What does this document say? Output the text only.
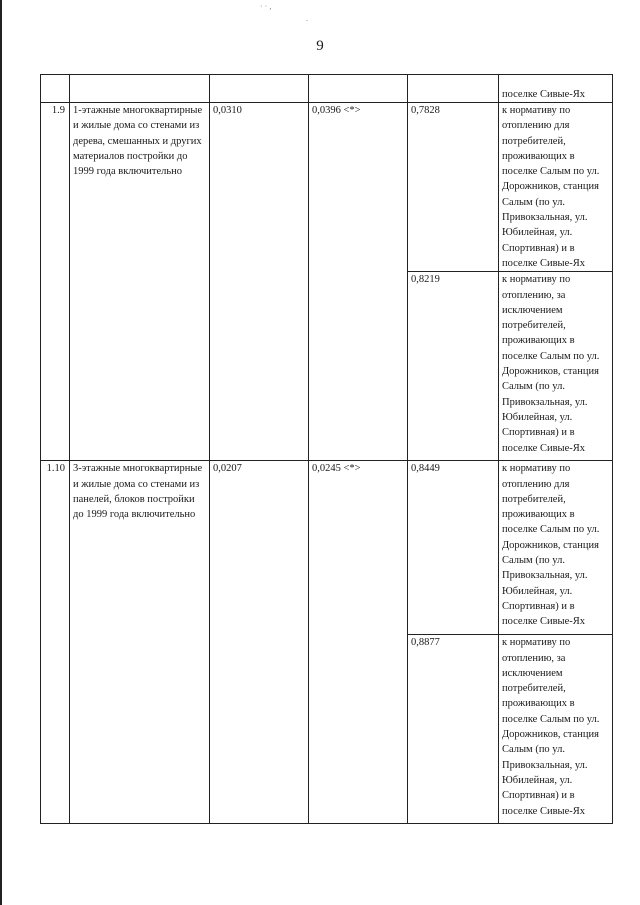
· · ,
.
9
					поселке Сивые-Ях
1.9	1-этажные многоквартирные и жилые дома со стенами из дерева, смешанных и других материалов постройки до 1999 года включительно	0,0310	0,0396 <*>	0,7828	к нормативу по отоплению для потребителей, проживающих в поселке Салым по ул. Дорожников, станция Салым (по ул. Привокзальная, ул. Юбилейная, ул. Спортивная) и в поселке Сивые-Ях
				0,8219	к нормативу по отоплению, за исключением потребителей, проживающих в поселке Салым по ул. Дорожников, станция Салым (по ул. Привокзальная, ул. Юбилейная, ул. Спортивная) и в поселке Сивые-Ях
1.10	3-этажные многоквартирные и жилые дома со стенами из панелей, блоков постройки до 1999 года включительно	0,0207	0,0245 <*>	0,8449	к нормативу по отоплению для потребителей, проживающих в поселке Салым по ул. Дорожников, станция Салым (по ул. Привокзальная, ул. Юбилейная, ул. Спортивная) и в поселке Сивые-Ях
				0,8877	к нормативу по отоплению, за исключением потребителей, проживающих в поселке Салым по ул. Дорожников, станция Салым (по ул. Привокзальная, ул. Юбилейная, ул. Спортивная) и в поселке Сивые-Ях
